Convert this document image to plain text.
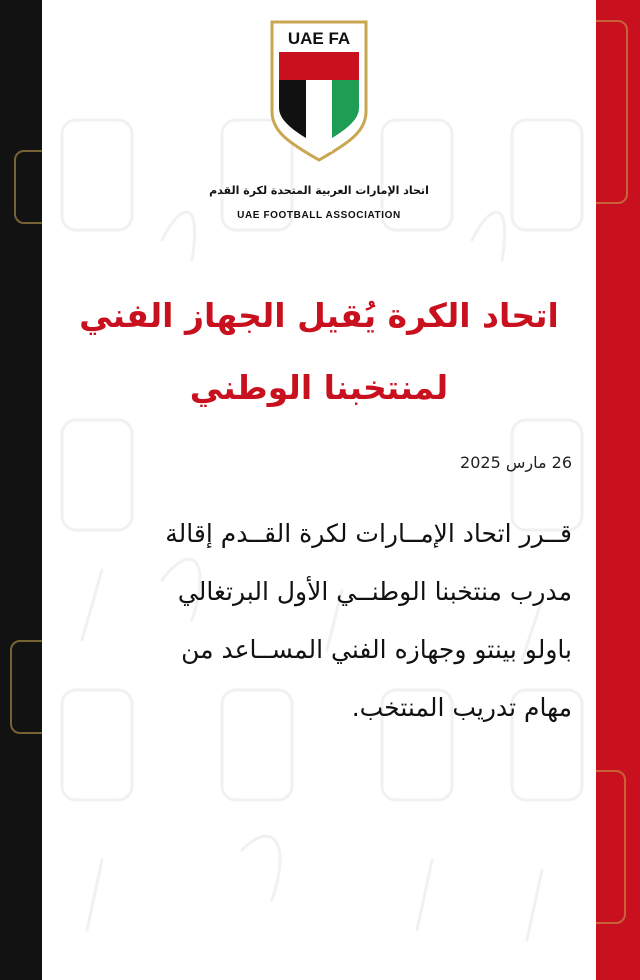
UAE FA
اتحاد الإمارات العربية المتحدة لكرة القدم
UAE FOOTBALL ASSOCIATION
اتحاد الكرة يُقيل الجهاز الفني
لمنتخبنا الوطني
26 مارس 2025
قــرر اتحاد الإمــارات لكرة القــدم إقالة
مدرب منتخبنا الوطنــي الأول البرتغالي
باولو بينتو وجهازه الفني المســاعد من
مهام تدريب المنتخب.
